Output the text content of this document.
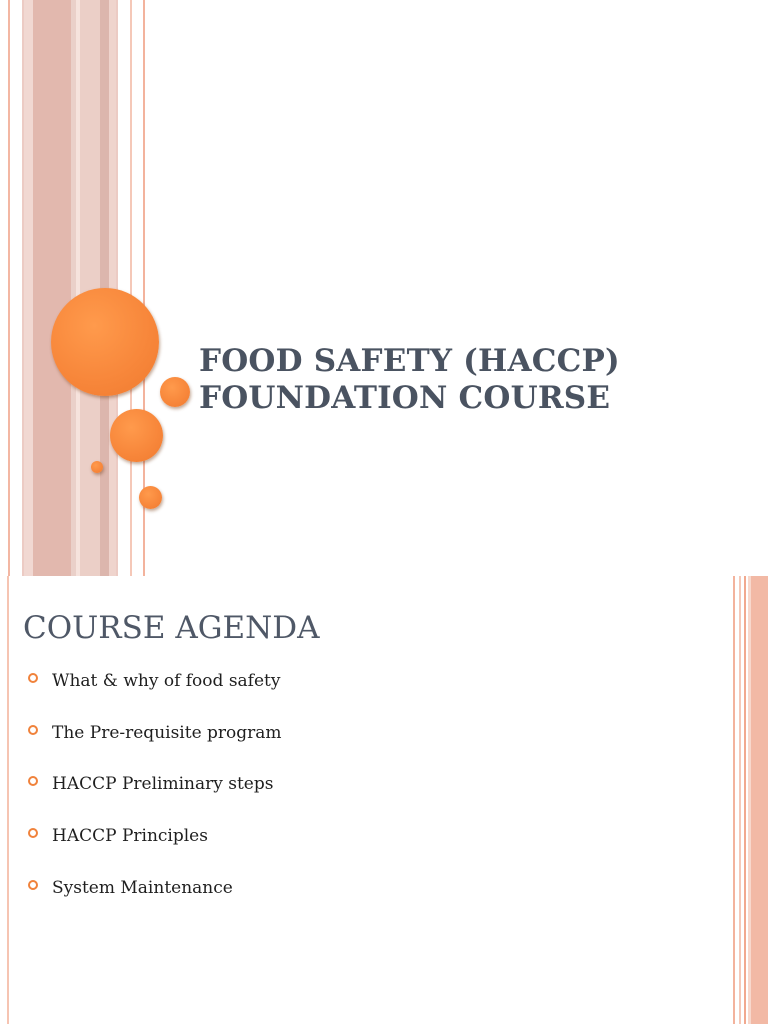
FOOD SAFETY (HACCP)
FOUNDATION COURSE
COURSE AGENDA
What & why of food safety
The Pre-requisite program
HACCP Preliminary steps
HACCP Principles
System Maintenance
